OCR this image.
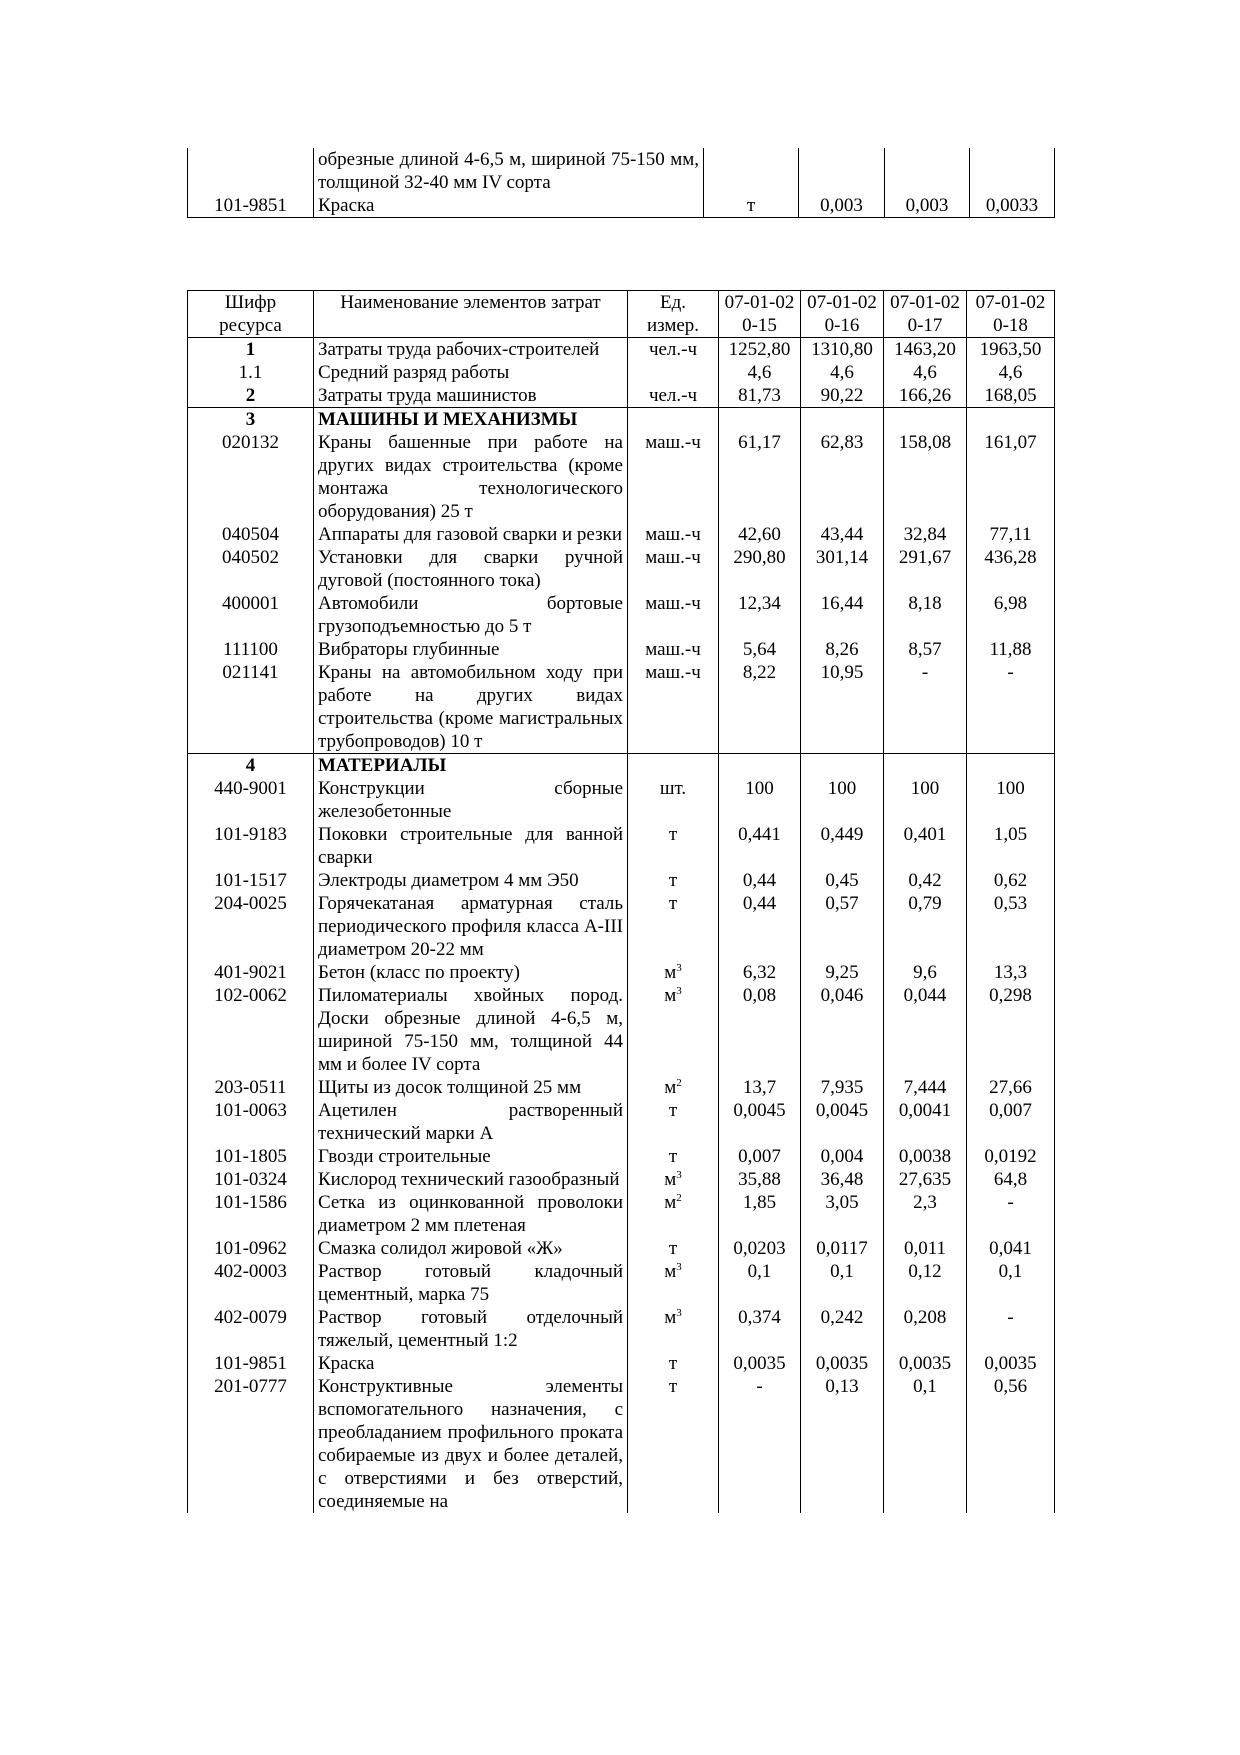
	обрезные длиной 4-6,5 м, шириной 75-150 мм, толщиной 32-40 мм IV сорта				
101-9851	Краска	т	0,003	0,003	0,0033
Шифр ресурса	Наименование элементов затрат	Ед. измер.	07-01-020-15	07-01-020-16	07-01-020-17	07-01-020-18
1	Затраты труда рабочих-строителей	чел.-ч	1252,80	1310,80	1463,20	1963,50
1.1	Средний разряд работы		4,6	4,6	4,6	4,6
2	Затраты труда машинистов	чел.-ч	81,73	90,22	166,26	168,05
3	МАШИНЫ И МЕХАНИЗМЫ					
020132	Краны башенные при работе на других видах строительства (кроме монтажа технологического оборудования) 25 т	маш.-ч	61,17	62,83	158,08	161,07
040504	Аппараты для газовой сварки и резки	маш.-ч	42,60	43,44	32,84	77,11
040502	Установки для сварки ручной дуговой (постоянного тока)	маш.-ч	290,80	301,14	291,67	436,28
400001	Автомобили бортовые грузоподъемностью до 5 т	маш.-ч	12,34	16,44	8,18	6,98
111100	Вибраторы глубинные	маш.-ч	5,64	8,26	8,57	11,88
021141	Краны на автомобильном ходу при работе на других видах строительства (кроме магистральных трубопроводов) 10 т	маш.-ч	8,22	10,95	-	-
4	МАТЕРИАЛЫ					
440-9001	Конструкции сборные железобетонные	шт.	100	100	100	100
101-9183	Поковки строительные для ванной сварки	т	0,441	0,449	0,401	1,05
101-1517	Электроды диаметром 4 мм Э50	т	0,44	0,45	0,42	0,62
204-0025	Горячекатаная арматурная сталь периодического профиля класса А-III диаметром 20-22 мм	т	0,44	0,57	0,79	0,53
401-9021	Бетон (класс по проекту)	$м^3$	6,32	9,25	9,6	13,3
102-0062	Пиломатериалы хвойных пород. Доски обрезные длиной 4-6,5 м, шириной 75-150 мм, толщиной 44 мм и более IV сорта	$м^3$	0,08	0,046	0,044	0,298
203-0511	Щиты из досок толщиной 25 мм	$м^2$	13,7	7,935	7,444	27,66
101-0063	Ацетилен растворенный технический марки А	т	0,0045	0,0045	0,0041	0,007
101-1805	Гвозди строительные	т	0,007	0,004	0,0038	0,0192
101-0324	Кислород технический газообразный	$м^3$	35,88	36,48	27,635	64,8
101-1586	Сетка из оцинкованной проволоки диаметром 2 мм плетеная	$м^2$	1,85	3,05	2,3	-
101-0962	Смазка солидол жировой «Ж»	т	0,0203	0,0117	0,011	0,041
402-0003	Раствор готовый кладочный цементный, марка 75	$м^3$	0,1	0,1	0,12	0,1
402-0079	Раствор готовый отделочный тяжелый, цементный 1:2	$м^3$	0,374	0,242	0,208	-
101-9851	Краска	т	0,0035	0,0035	0,0035	0,0035
201-0777	Конструктивные элементы вспомогательного назначения, с преобладанием профильного проката собираемые из двух и более деталей, с отверстиями и без отверстий, соединяемые на	т	-	0,13	0,1	0,56
